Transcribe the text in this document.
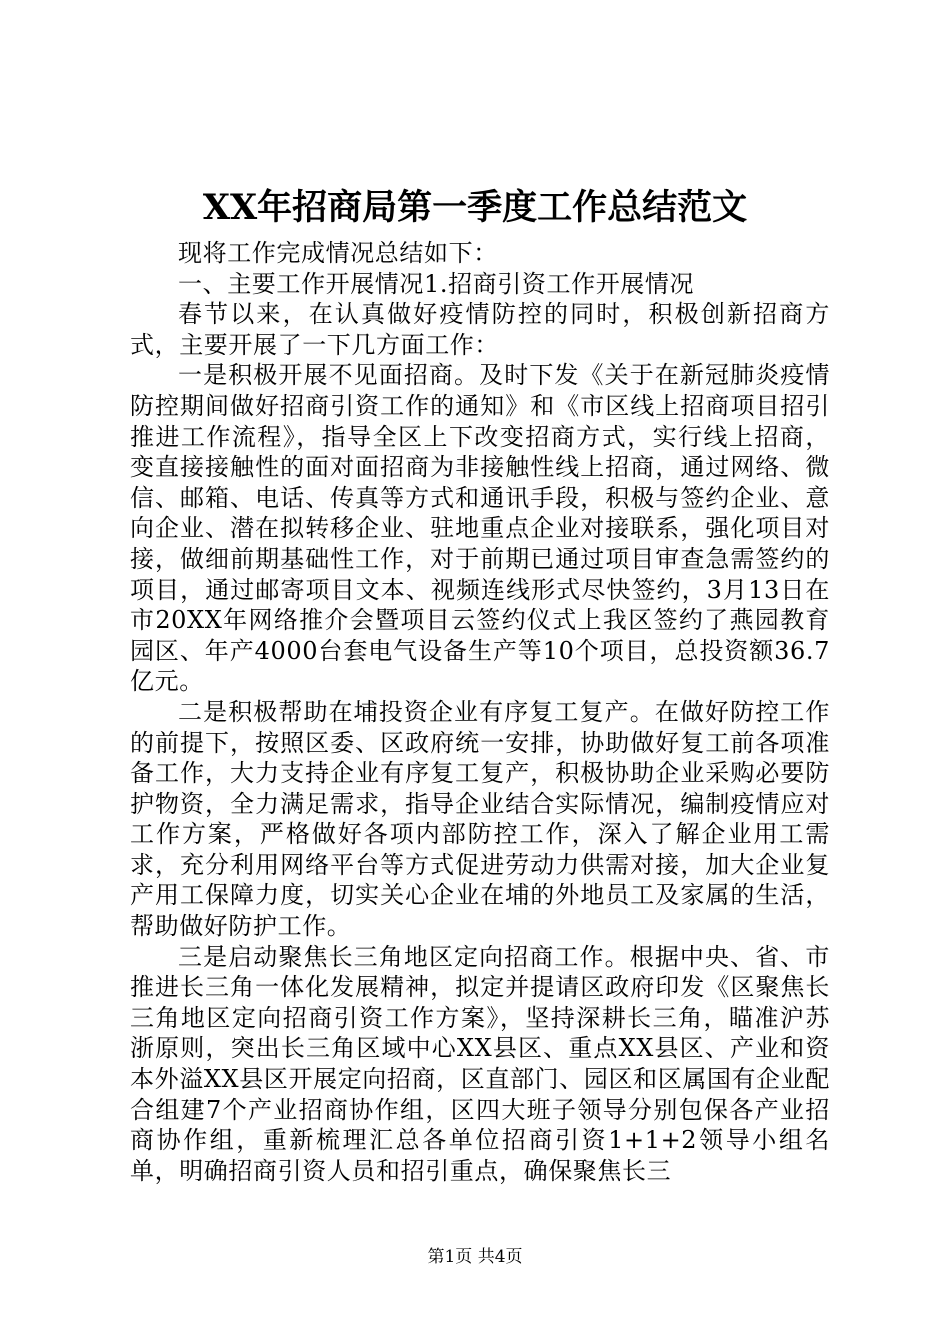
XX年招商局第一季度工作总结范文

现将工作完成情况总结如下：

一、主要工作开展情况1.招商引资工作开展情况

春节以来，在认真做好疫情防控的同时，积极创新招商方式，主要开展了一下几方面工作：

一是积极开展不见面招商。及时下发《关于在新冠肺炎疫情防控期间做好招商引资工作的通知》和《市区线上招商项目招引推进工作流程》，指导全区上下改变招商方式，实行线上招商，变直接接触性的面对面招商为非接触性线上招商，通过网络、微信、邮箱、电话、传真等方式和通讯手段，积极与签约企业、意向企业、潜在拟转移企业、驻地重点企业对接联系，强化项目对接，做细前期基础性工作，对于前期已通过项目审查急需签约的项目，通过邮寄项目文本、视频连线形式尽快签约，3月13日在市20XX年网络推介会暨项目云签约仪式上我区签约了燕园教育园区、年产4000台套电气设备生产等10个项目，总投资额36.7亿元。

二是积极帮助在埔投资企业有序复工复产。在做好防控工作的前提下，按照区委、区政府统一安排，协助做好复工前各项准备工作，大力支持企业有序复工复产，积极协助企业采购必要防护物资，全力满足需求，指导企业结合实际情况，编制疫情应对工作方案，严格做好各项内部防控工作，深入了解企业用工需求，充分利用网络平台等方式促进劳动力供需对接，加大企业复产用工保障力度，切实关心企业在埔的外地员工及家属的生活，帮助做好防护工作。

三是启动聚焦长三角地区定向招商工作。根据中央、省、市推进长三角一体化发展精神，拟定并提请区政府印发《区聚焦长三角地区定向招商引资工作方案》，坚持深耕长三角，瞄准沪苏浙原则，突出长三角区域中心XX县区、重点XX县区、产业和资本外溢XX县区开展定向招商，区直部门、园区和区属国有企业配合组建7个产业招商协作组，区四大班子领导分别包保各产业招商协作组，重新梳理汇总各单位招商引资1+1+2领导小组名单，明确招商引资人员和招引重点，确保聚焦长三

第1页 共4页
